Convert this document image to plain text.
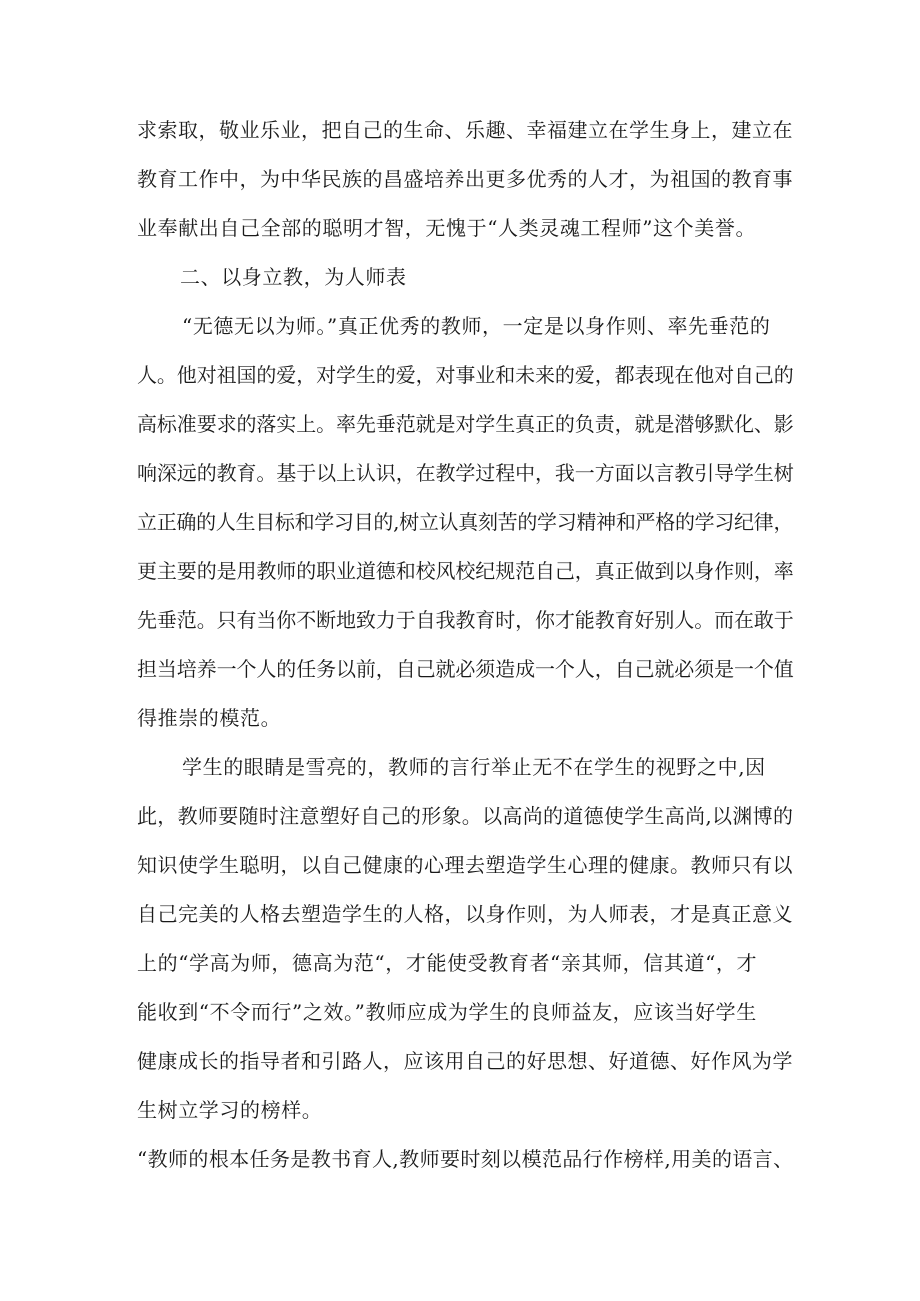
求索取，敬业乐业，把自己的生命、乐趣、幸福建立在学生身上，建立在
教育工作中，为中华民族的昌盛培养出更多优秀的人才，为祖国的教育事
业奉献出自己全部的聪明才智，无愧于“人类灵魂工程师”这个美誉。
二、以身立教，为人师表
“无德无以为师。”真正优秀的教师，一定是以身作则、率先垂范的
人。他对祖国的爱，对学生的爱，对事业和未来的爱，都表现在他对自己的
高标准要求的落实上。率先垂范就是对学生真正的负责，就是潜够默化、影
响深远的教育。基于以上认识，在教学过程中，我一方面以言教引导学生树
立正确的人生目标和学习目的,树立认真刻苦的学习精神和严格的学习纪律，
更主要的是用教师的职业道德和校风校纪规范自己，真正做到以身作则，率
先垂范。只有当你不断地致力于自我教育时，你才能教育好别人。而在敢于
担当培养一个人的任务以前，自己就必须造成一个人，自己就必须是一个值
得推崇的模范。
学生的眼睛是雪亮的，教师的言行举止无不在学生的视野之中,因
此，教师要随时注意塑好自己的形象。以高尚的道德使学生高尚,以渊博的
知识使学生聪明，以自己健康的心理去塑造学生心理的健康。教师只有以
自己完美的人格去塑造学生的人格，以身作则，为人师表，才是真正意义
上的“学高为师，德高为范“，才能使受教育者“亲其师，信其道“，才
能收到“不令而行”之效。”教师应成为学生的良师益友，应该当好学生
健康成长的指导者和引路人，应该用自己的好思想、好道德、好作风为学
生树立学习的榜样。
“教师的根本任务是教书育人,教师要时刻以模范品行作榜样,用美的语言、
